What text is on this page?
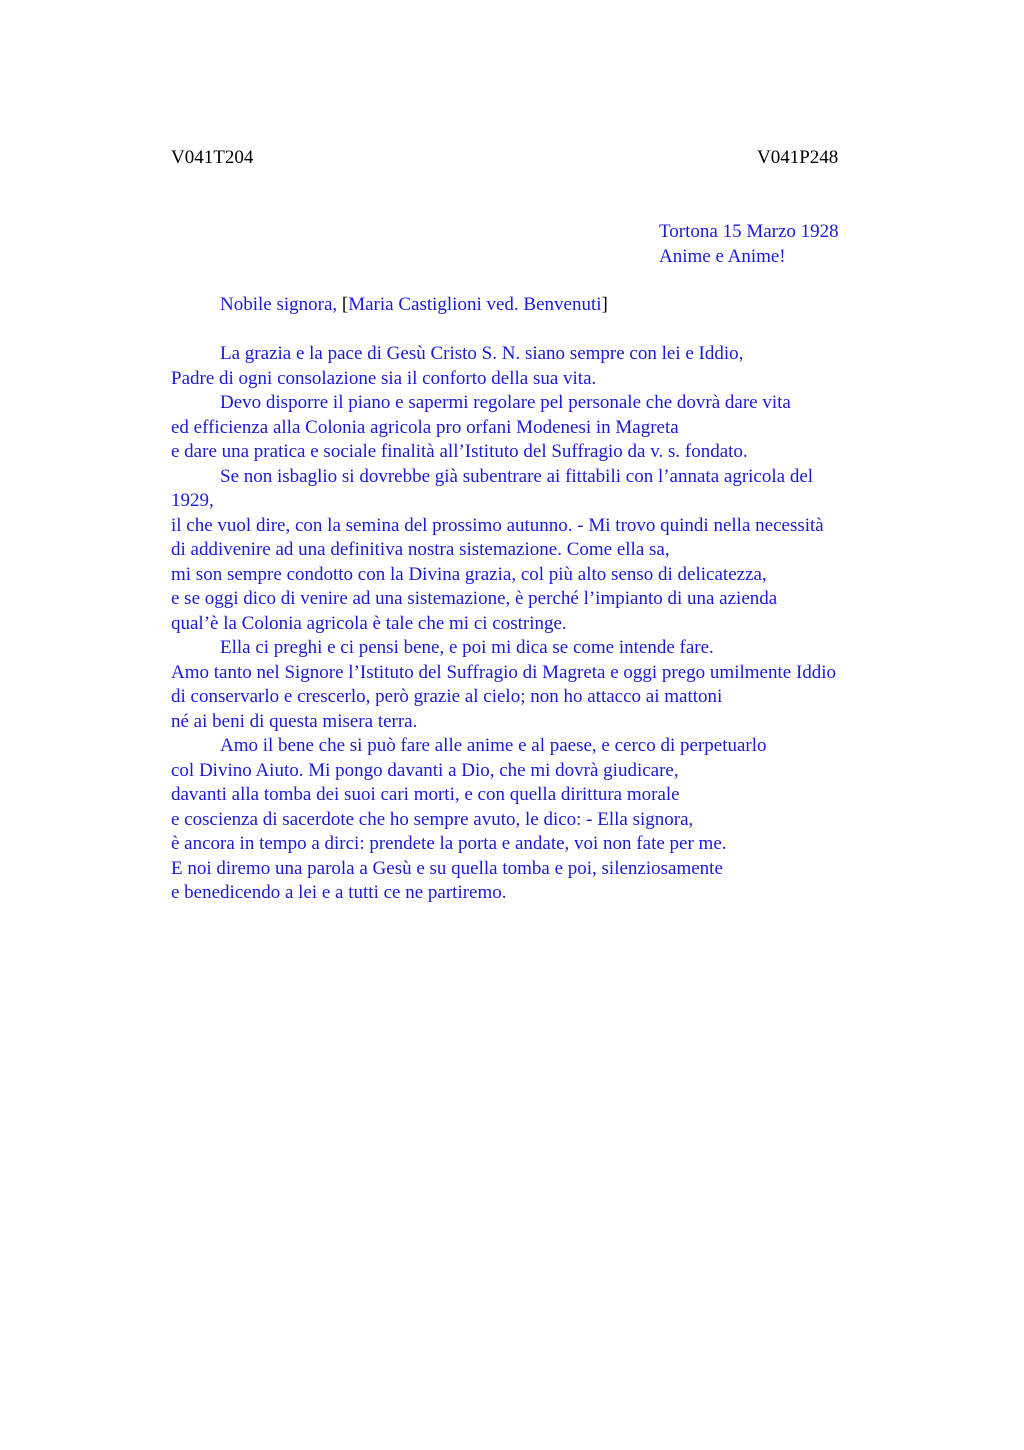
V041T204	V041P248
Tortona 15 Marzo 1928
Anime e Anime!
Nobile signora, [Maria Castiglioni ved. Benvenuti]
La grazia e la pace di Gesù Cristo S. N. siano sempre con lei e Iddio,
Padre di ogni consolazione sia il conforto della sua vita.
Devo disporre il piano e sapermi regolare pel personale che dovrà dare vita
ed efficienza alla Colonia agricola pro orfani Modenesi in Magreta
e dare una pratica e sociale finalità all’Istituto del Suffragio da v. s. fondato.
Se non isbaglio si dovrebbe già subentrare ai fittabili con l’annata agricola del
1929,
il che vuol dire, con la semina del prossimo autunno. - Mi trovo quindi nella necessità
di addivenire ad una definitiva nostra sistemazione. Come ella sa,
mi son sempre condotto con la Divina grazia, col più alto senso di delicatezza,
e se oggi dico di venire ad una sistemazione, è perché l’impianto di una azienda
qual’è la Colonia agricola è tale che mi ci costringe.
Ella ci preghi e ci pensi bene, e poi mi dica se come intende fare.
Amo tanto nel Signore l’Istituto del Suffragio di Magreta e oggi prego umilmente Iddio
di conservarlo e crescerlo, però grazie al cielo; non ho attacco ai mattoni
né ai beni di questa misera terra.
Amo il bene che si può fare alle anime e al paese, e cerco di perpetuarlo
col Divino Aiuto. Mi pongo davanti a Dio, che mi dovrà giudicare,
davanti alla tomba dei suoi cari morti, e con quella dirittura morale
e coscienza di sacerdote che ho sempre avuto, le dico: - Ella signora,
è ancora in tempo a dirci: prendete la porta e andate, voi non fate per me.
E noi diremo una parola a Gesù e su quella tomba e poi, silenziosamente
e benedicendo a lei e a tutti ce ne partiremo.
